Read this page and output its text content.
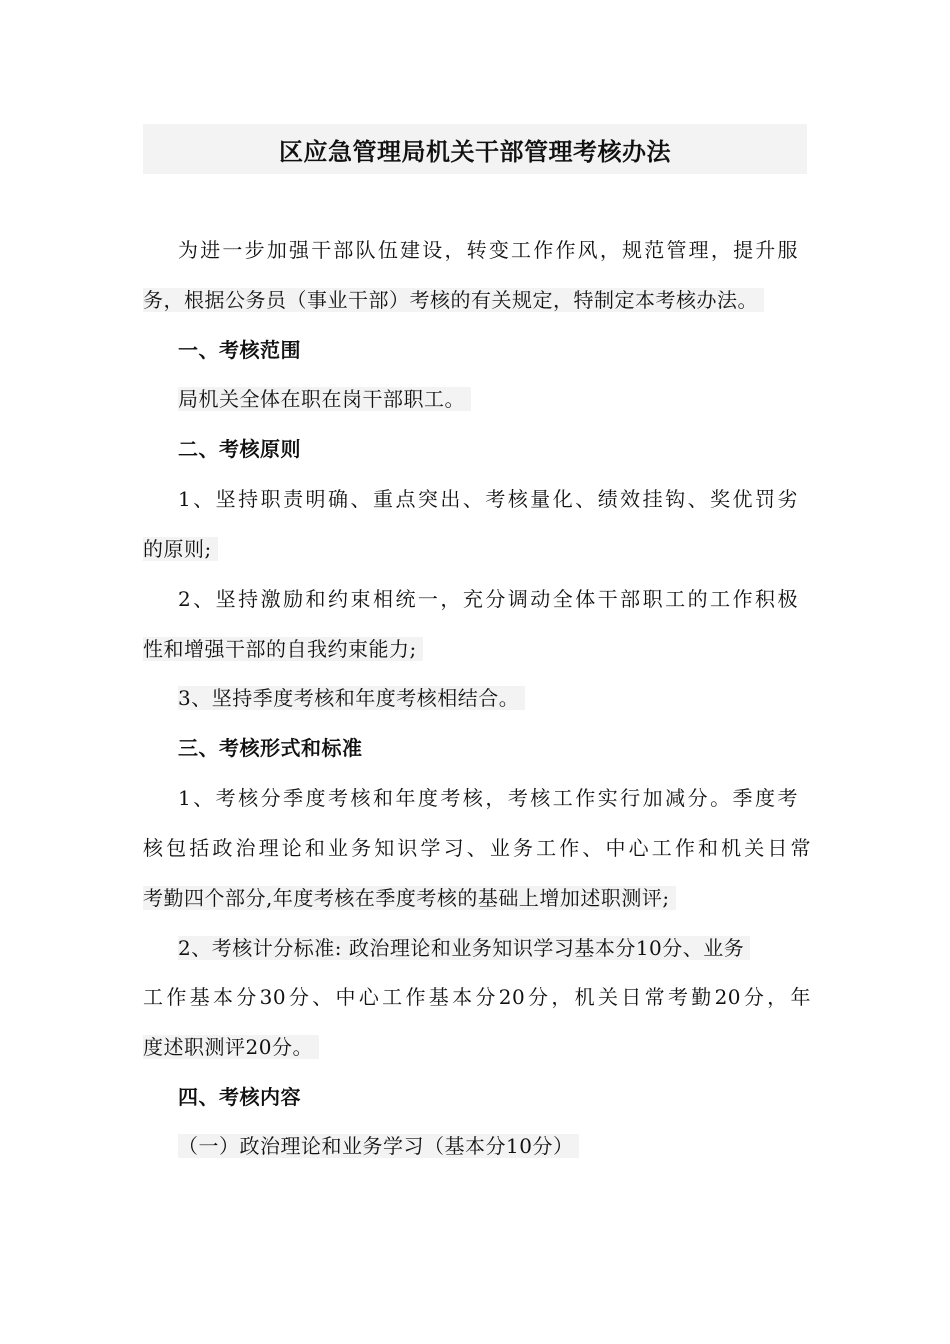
区应急管理局机关干部管理考核办法
为进一步加强干部队伍建设，转变工作作风，规范管理，提升服
务，根据公务员（事业干部）考核的有关规定，特制定本考核办法。
一、考核范围
局机关全体在职在岗干部职工。
二、考核原则
1、坚持职责明确、重点突出、考核量化、绩效挂钩、奖优罚劣
的原则;
2、坚持激励和约束相统一，充分调动全体干部职工的工作积极
性和增强干部的自我约束能力;
3、坚持季度考核和年度考核相结合。
三、考核形式和标准
1、考核分季度考核和年度考核，考核工作实行加减分。季度考
核包括政治理论和业务知识学习、业务工作、中心工作和机关日常
考勤四个部分,年度考核在季度考核的基础上增加述职测评;
2、考核计分标准: 政治理论和业务知识学习基本分10分、业务
工作基本分30分、中心工作基本分20分，机关日常考勤20分，年
度述职测评20分。
四、考核内容
（一）政治理论和业务学习（基本分10分）
